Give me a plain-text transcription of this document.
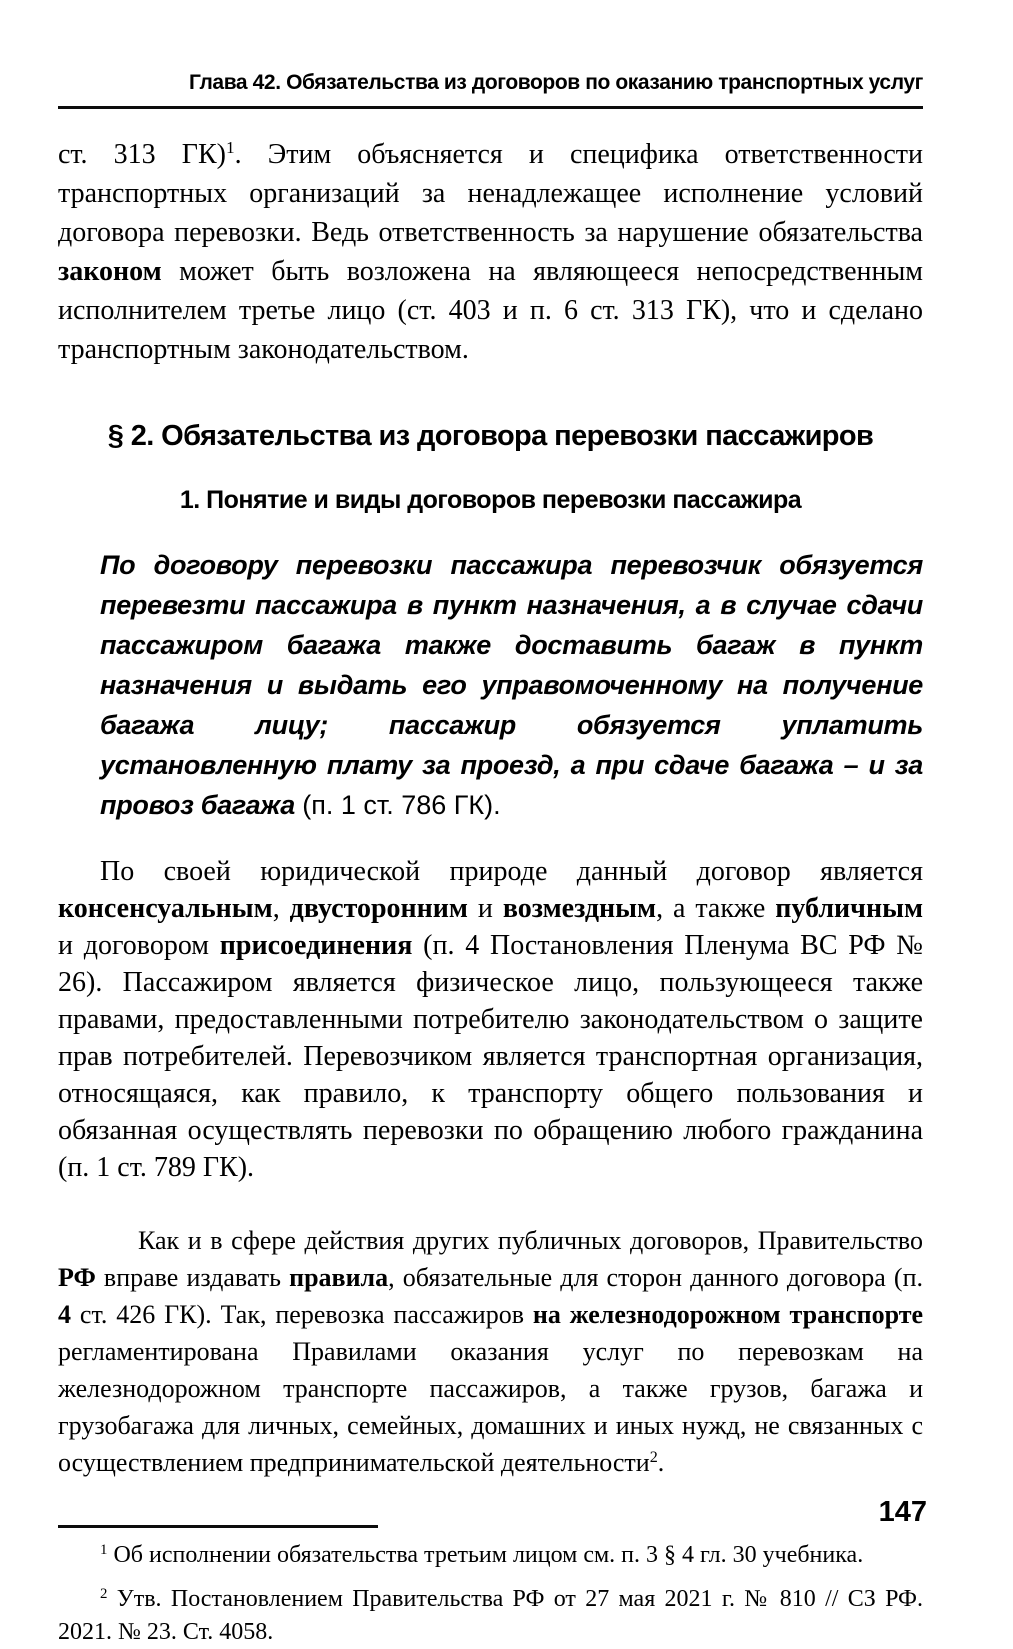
Глава 42. Обязательства из договоров по оказанию транспортных услуг

ст. 313 ГК)$^1$. Этим объясняется и специфика ответственности транспортных организаций за ненадлежащее исполнение условий договора перевозки. Ведь ответственность за нарушение обязательства законом может быть возложена на являющееся непосредственным исполнителем третье лицо (ст. 403 и п. 6 ст. 313 ГК), что и сделано транспортным законодательством.

§ 2. Обязательства из договора перевозки пассажиров
1. Понятие и виды договоров перевозки пассажира

По договору перевозки пассажира перевозчик обязуется перевезти пассажира в пункт назначения, а в случае сдачи пассажиром багажа также доставить багаж в пункт назначения и выдать его управомоченному на получение багажа лицу; пассажир обязуется уплатить установленную плату за проезд, а при сдаче багажа – и за провоз багажа (п. 1 ст. 786 ГК).

По своей юридической природе данный договор является консенсуальным, двусторонним и возмездным, а также публичным и договором присоединения (п. 4 Постановления Пленума ВС РФ № 26). Пассажиром является физическое лицо, пользующееся также правами, предоставленными потребителю законодательством о защите прав потребителей. Перевозчиком является транспортная организация, относящаяся, как правило, к транспорту общего пользования и обязанная осуществлять перевозки по обращению любого гражданина (п. 1 ст. 789 ГК).

Как и в сфере действия других публичных договоров, Правительство РФ вправе издавать правила, обязательные для сторон данного договора (п. 4 ст. 426 ГК). Так, перевозка пассажиров на железнодорожном транспорте регламентирована Правилами оказания услуг по перевозкам на железнодорожном транспорте пассажиров, а также грузов, багажа и грузобагажа для личных, семейных, домашних и иных нужд, не связанных с осуществлением предпринимательской деятельности$^2$.

$^1$ Об исполнении обязательства третьим лицом см. п. 3 § 4 гл. 30 учебника.

$^2$ Утв. Постановлением Правительства РФ от 27 мая 2021 г. № 810 // СЗ РФ. 2021. № 23. Ст. 4058.

147
